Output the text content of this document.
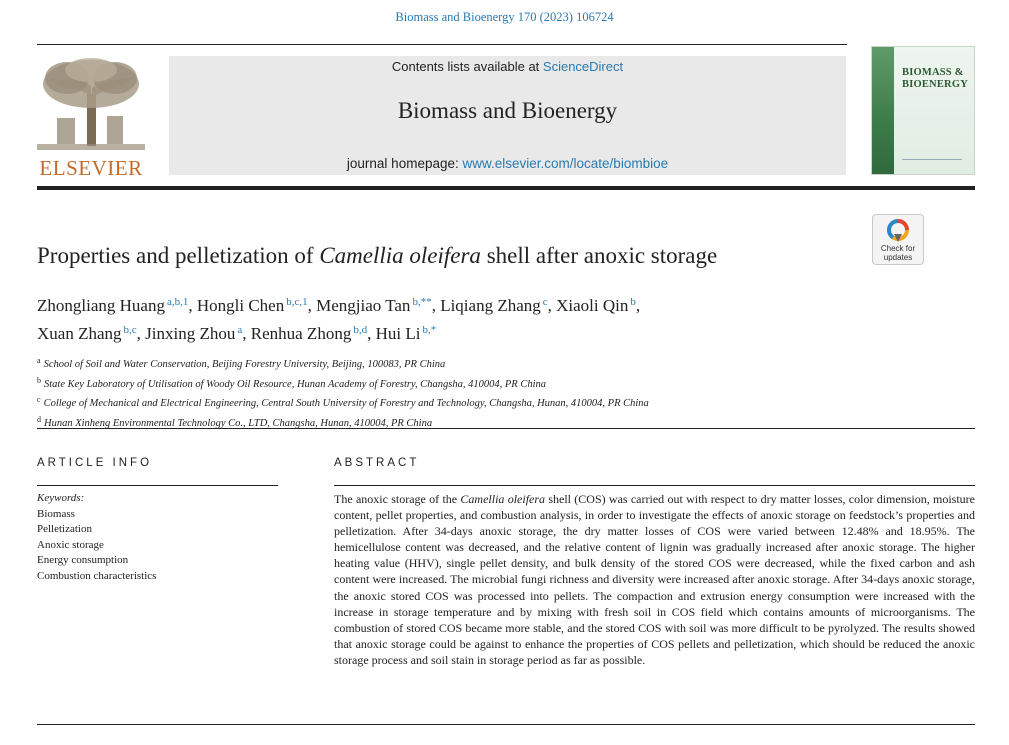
Biomass and Bioenergy 170 (2023) 106724
ELSEVIER
Contents lists available at ScienceDirect
Biomass and Bioenergy
journal homepage: www.elsevier.com/locate/biombioe
BIOMASS &
BIOENERGY
Check for
updates
Properties and pelletization of Camellia oleifera shell after anoxic storage
Zhongliang Huang $^{a,b,1}$, Hongli Chen $^{b,c,1}$, Mengjiao Tan $^{b,**}$, Liqiang Zhang $^c$, Xiaoli Qin $^b$,
Xuan Zhang $^{b,c}$, Jinxing Zhou $^a$, Renhua Zhong $^{b,d}$, Hui Li $^{b,*}$
$^a$ School of Soil and Water Conservation, Beijing Forestry University, Beijing, 100083, PR China
$^b$ State Key Laboratory of Utilisation of Woody Oil Resource, Hunan Academy of Forestry, Changsha, 410004, PR China
$^c$ College of Mechanical and Electrical Engineering, Central South University of Forestry and Technology, Changsha, Hunan, 410004, PR China
$^d$ Hunan Xinheng Environmental Technology Co., LTD, Changsha, Hunan, 410004, PR China
ARTICLE INFO
Keywords:
Biomass
Pelletization
Anoxic storage
Energy consumption
Combustion characteristics
ABSTRACT
The anoxic storage of the Camellia oleifera shell (COS) was carried out with respect to dry matter losses, color dimension, moisture content, pellet properties, and combustion analysis, in order to investigate the effects of anoxic storage on feedstock’s properties and pelletization. After 34-days anoxic storage, the dry matter losses of COS were varied between 12.48% and 18.95%. The hemicellulose content was decreased, and the relative content of lignin was gradually increased after anoxic storage. The higher heating value (HHV), single pellet density, and bulk density of the stored COS were decreased, while the fixed carbon and ash content were increased. The microbial fungi richness and diversity were increased after anoxic storage. After 34-days anoxic storage, the anoxic stored COS was processed into pellets. The compaction and extrusion energy consumption were increased with the increase in storage temperature and by mixing with fresh soil in COS field which contains amounts of microorganisms. The combustion of stored COS became more stable, and the stored COS with soil was more difficult to be pyrolyzed. The results showed that anoxic storage could be against to enhance the properties of COS pellets and pelletization, which should be reduced the anoxic storage process and soil stain in storage period as far as possible.
